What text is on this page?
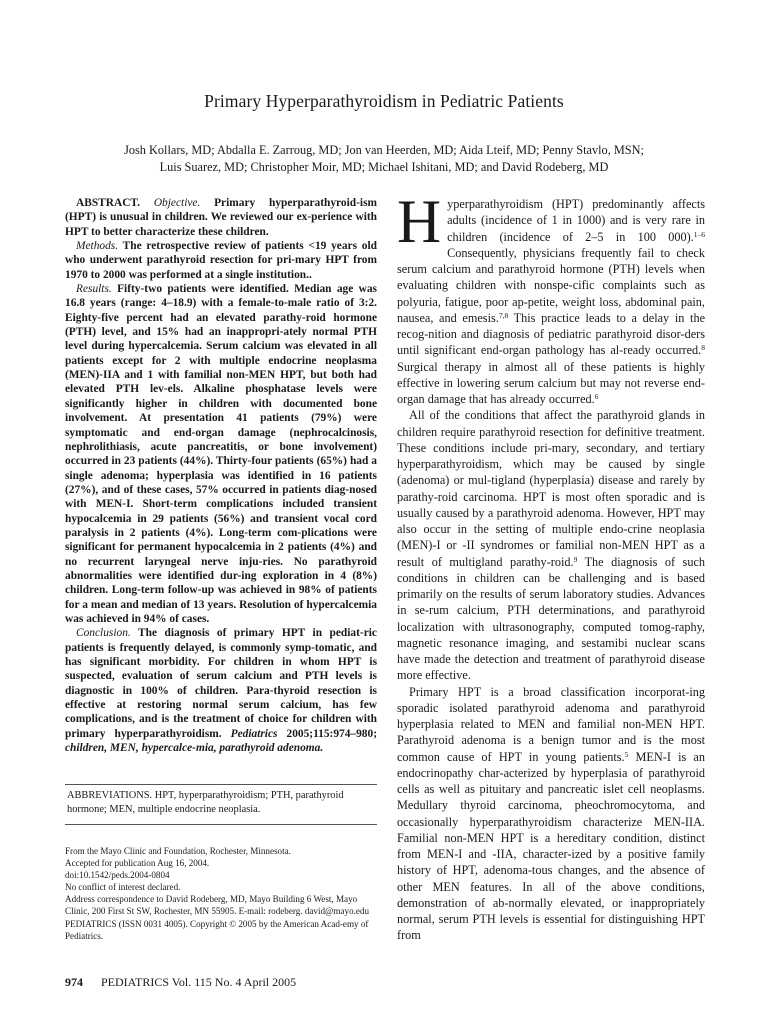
Primary Hyperparathyroidism in Pediatric Patients
Josh Kollars, MD; Abdalla E. Zarroug, MD; Jon van Heerden, MD; Aida Lteif, MD; Penny Stavlo, MSN;
Luis Suarez, MD; Christopher Moir, MD; Michael Ishitani, MD; and David Rodeberg, MD

ABSTRACT. Objective. Primary hyperparathyroid-ism (HPT) is unusual in children. We reviewed our ex-perience with HPT to better characterize these children.

Methods. The retrospective review of patients <19 years old who underwent parathyroid resection for pri-mary HPT from 1970 to 2000 was performed at a single institution..

Results. Fifty-two patients were identified. Median age was 16.8 years (range: 4–18.9) with a female-to-male ratio of 3:2. Eighty-five percent had an elevated parathy-roid hormone (PTH) level, and 15% had an inappropri-ately normal PTH level during hypercalcemia. Serum calcium was elevated in all patients except for 2 with multiple endocrine neoplasma (MEN)-IIA and 1 with familial non-MEN HPT, but both had elevated PTH lev-els. Alkaline phosphatase levels were significantly higher in children with documented bone involvement. At presentation 41 patients (79%) were symptomatic and end-organ damage (nephrocalcinosis, nephrolithiasis, acute pancreatitis, or bone involvement) occurred in 23 patients (44%). Thirty-four patients (65%) had a single adenoma; hyperplasia was identified in 16 patients (27%), and of these cases, 57% occurred in patients diag-nosed with MEN-I. Short-term complications included transient hypocalcemia in 29 patients (56%) and transient vocal cord paralysis in 2 patients (4%). Long-term com-plications were significant for permanent hypocalcemia in 2 patients (4%) and no recurrent laryngeal nerve inju-ries. No parathyroid abnormalities were identified dur-ing exploration in 4 (8%) children. Long-term follow-up was achieved in 98% of patients for a mean and median of 13 years. Resolution of hypercalcemia was achieved in 94% of cases.

Conclusion. The diagnosis of primary HPT in pediat-ric patients is frequently delayed, is commonly symp-tomatic, and has significant morbidity. For children in whom HPT is suspected, evaluation of serum calcium and PTH levels is diagnostic in 100% of children. Para-thyroid resection is effective at restoring normal serum calcium, has few complications, and is the treatment of choice for children with primary hyperparathyroidism. Pediatrics 2005;115:974–980; children, MEN, hypercalce-mia, parathyroid adenoma.

ABBREVIATIONS. HPT, hyperparathyroidism; PTH, parathyroid hormone; MEN, multiple endocrine neoplasia.

From the Mayo Clinic and Foundation, Rochester, Minnesota.

Accepted for publication Aug 16, 2004.

doi:10.1542/peds.2004-0804

No conflict of interest declared.

Address correspondence to David Rodeberg, MD, Mayo Building 6 West, Mayo Clinic, 200 First St SW, Rochester, MN 55905. E-mail: rodeberg. david@mayo.edu

PEDIATRICS (ISSN 0031 4005). Copyright © 2005 by the American Acad-emy of Pediatrics.

974 PEDIATRICS Vol. 115 No. 4 April 2005

Hyperparathyroidism (HPT) predominantly affects adults (incidence of 1 in 1000) and is very rare in children (incidence of 2–5 in 100 000).$^{1-6}$ Consequently, physicians frequently fail to check serum calcium and parathyroid hormone (PTH) levels when evaluating children with nonspe-cific complaints such as polyuria, fatigue, poor ap-petite, weight loss, abdominal pain, nausea, and emesis.$^{7,8}$ This practice leads to a delay in the recog-nition and diagnosis of pediatric parathyroid disor-ders until significant end-organ pathology has al-ready occurred.$^8$ Surgical therapy in almost all of these patients is highly effective in lowering serum calcium but may not reverse end-organ damage that has already occurred.$^6$

All of the conditions that affect the parathyroid glands in children require parathyroid resection for definitive treatment. These conditions include pri-mary, secondary, and tertiary hyperparathyroidism, which may be caused by single (adenoma) or mul-tigland (hyperplasia) disease and rarely by parathy-roid carcinoma. HPT is most often sporadic and is usually caused by a parathyroid adenoma. However, HPT may also occur in the setting of multiple endo-crine neoplasia (MEN)-I or -II syndromes or familial non-MEN HPT as a result of multigland parathy-roid.$^9$ The diagnosis of such conditions in children can be challenging and is based primarily on the results of serum laboratory studies. Advances in se-rum calcium, PTH determinations, and parathyroid localization with ultrasonography, computed tomog-raphy, magnetic resonance imaging, and sestamibi nuclear scans have made the detection and treatment of parathyroid disease more effective.

Primary HPT is a broad classification incorporat-ing sporadic isolated parathyroid adenoma and parathyroid hyperplasia related to MEN and familial non-MEN HPT. Parathyroid adenoma is a benign tumor and is the most common cause of HPT in young patients.$^5$ MEN-I is an endocrinopathy char-acterized by hyperplasia of parathyroid cells as well as pituitary and pancreatic islet cell neoplasms. Medullary thyroid carcinoma, pheochromocytoma, and occasionally hyperparathyroidism characterize MEN-IIA. Familial non-MEN HPT is a hereditary condition, distinct from MEN-I and -IIA, character-ized by a positive family history of HPT, adenoma-tous changes, and the absence of other MEN features. In all of the above conditions, demonstration of ab-normally elevated, or inappropriately normal, serum PTH levels is essential for distinguishing HPT from
